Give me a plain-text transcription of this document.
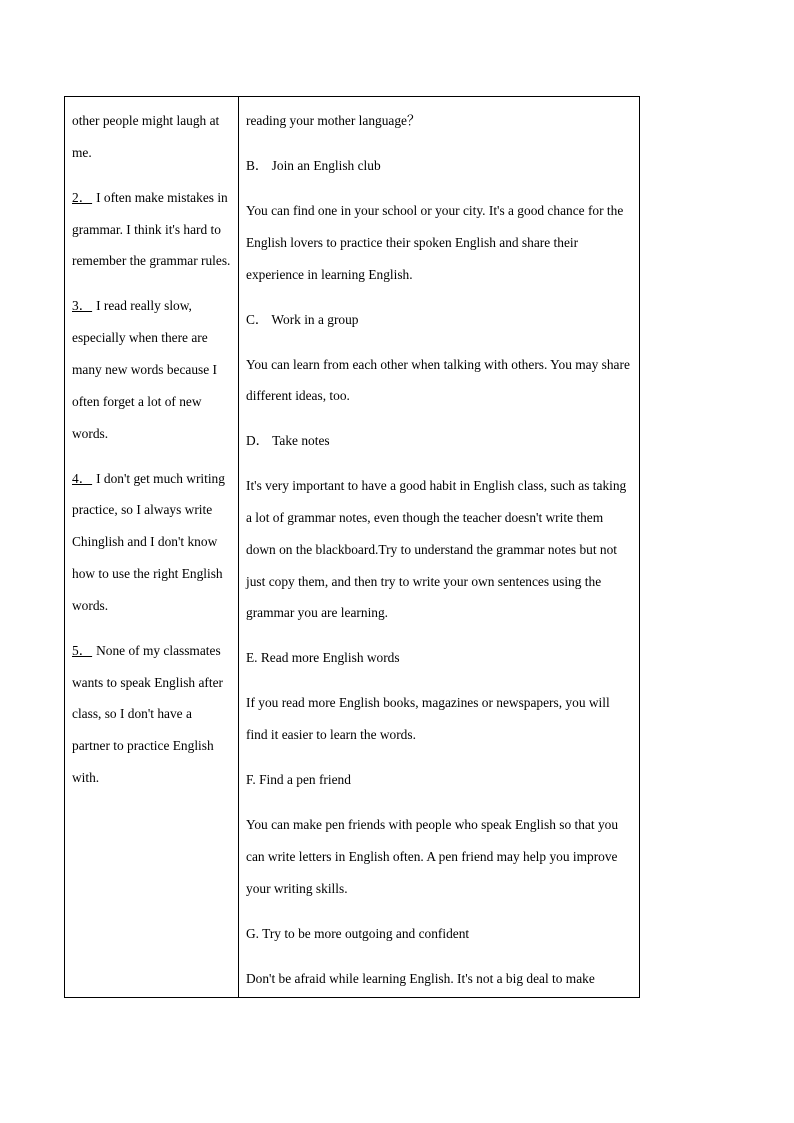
other people might laugh at me.

2． I often make mistakes in grammar. I think it's hard to remember the grammar rules.

3． I read really slow, especially when there are many new words because I often forget a lot of new words.

4． I don't get much writing practice, so I always write Chinglish and I don't know how to use the right English words.

5． None of my classmates wants to speak English after class, so I don't have a partner to practice English with.

reading your mother language？

B． Join an English club

You can find one in your school or your city. It's a good chance for the English lovers to practice their spoken English and share their experience in learning English.

C． Work in a group

You can learn from each other when talking with others. You may share different ideas, too.

D． Take notes

It's very important to have a good habit in English class, such as taking a lot of grammar notes, even though the teacher doesn't write them down on the blackboard.Try to understand the grammar notes but not just copy them, and then try to write your own sentences using the grammar you are learning.

E. Read more English words

If you read more English books, magazines or newspapers, you will find it easier to learn the words.

F. Find a pen friend

You can make pen friends with people who speak English so that you can write letters in English often. A pen friend may help you improve your writing skills.

G. Try to be more outgoing and confident

Don't be afraid while learning English. It's not a big deal to make
